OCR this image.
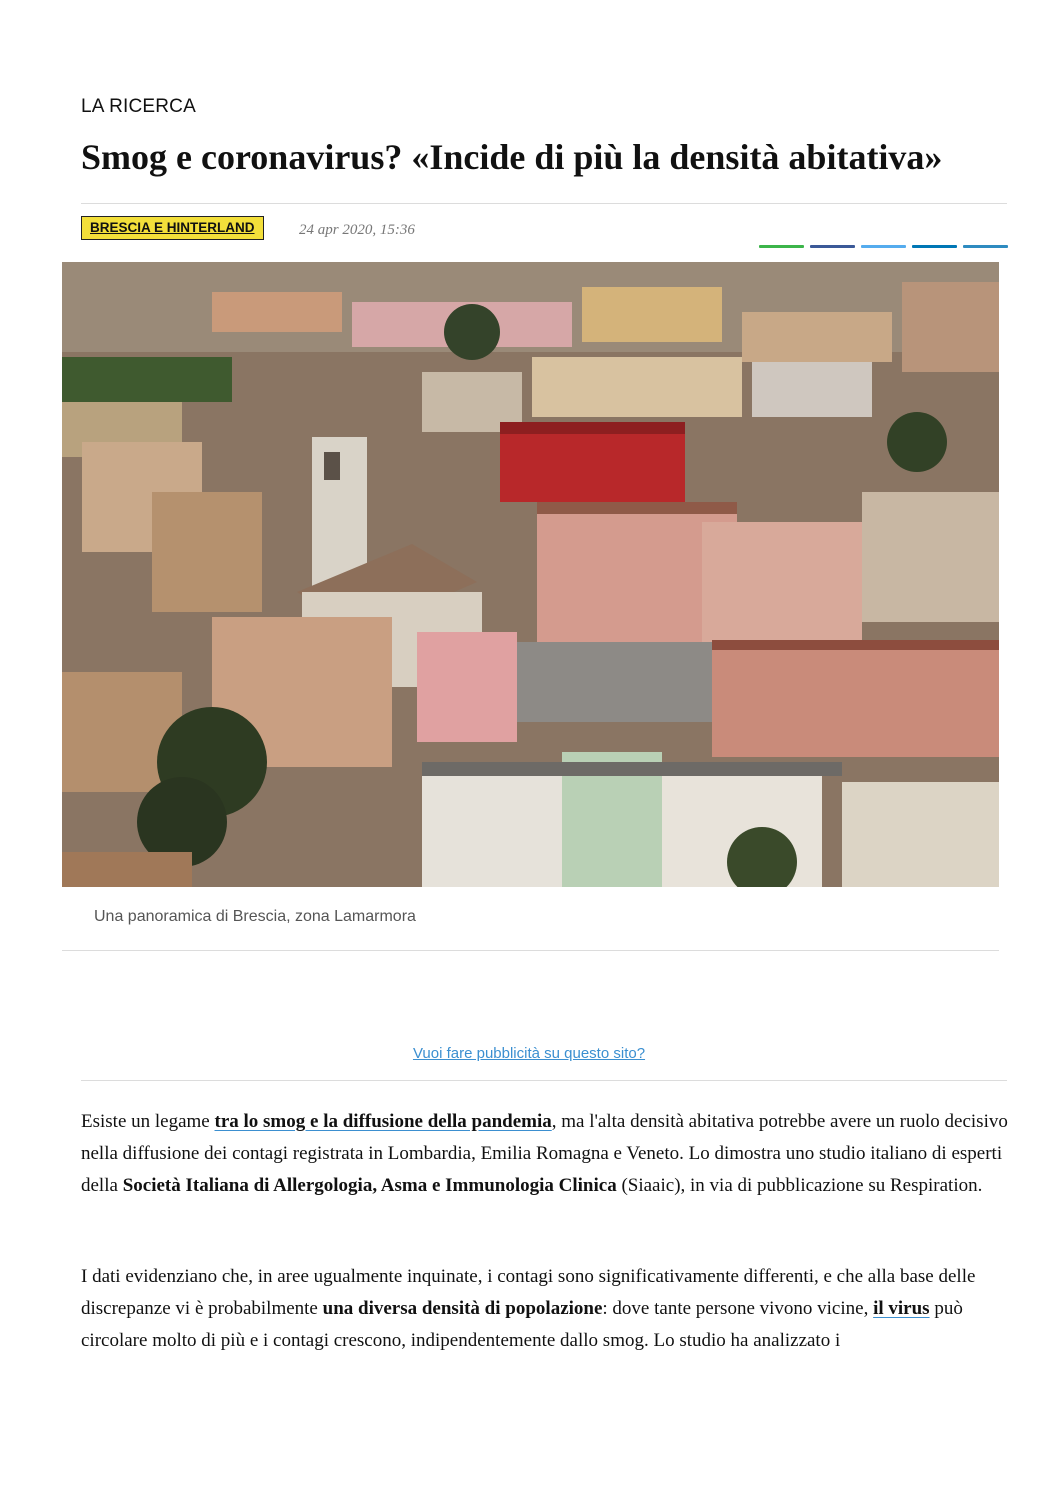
LA RICERCA
Smog e coronavirus? «Incide di più la densità abitativa»
BRESCIA E HINTERLAND	24 apr 2020, 15:36
Una panoramica di Brescia, zona Lamarmora
Vuoi fare pubblicità su questo sito?

Esiste un legame tra lo smog e la diffusione della pandemia, ma l'alta densità abitativa potrebbe avere un ruolo decisivo nella diffusione dei contagi registrata in Lombardia, Emilia Romagna e Veneto. Lo dimostra uno studio italiano di esperti della Società Italiana di Allergologia, Asma e Immunologia Clinica (Siaaic), in via di pubblicazione su Respiration.

I dati evidenziano che, in aree ugualmente inquinate, i contagi sono significativamente differenti, e che alla base delle discrepanze vi è probabilmente una diversa densità di popolazione: dove tante persone vivono vicine, il virus può circolare molto di più e i contagi crescono, indipendentemente dallo smog. Lo studio ha analizzato i
